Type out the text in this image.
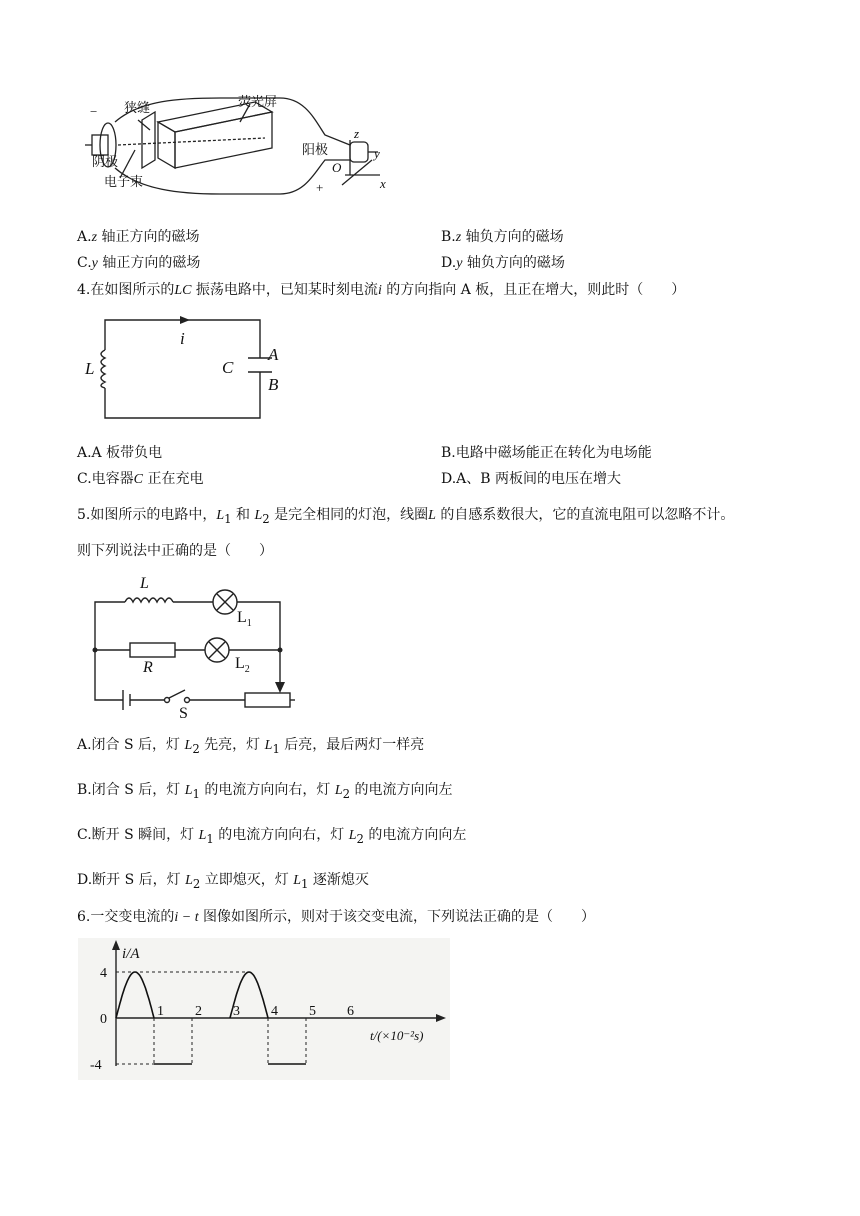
狭缝	荧光屏
阴极
电子束
阳极
−
+
z
y
x
O
A.z 轴正方向的磁场	B.z 轴负方向的磁场
C.y 轴正方向的磁场	D.y 轴负方向的磁场
4.在如图所示的LC 振荡电路中，已知某时刻电流i 的方向指向 A 板，且正在增大，则此时（　　）
i
L	C
A
B
A.A 板带负电	B.电路中磁场能正在转化为电场能
C.电容器C 正在充电	D.A、B 两板间的电压在增大
5.如图所示的电路中，$L_1$ 和 $L_2$ 是完全相同的灯泡，线圈L 的自感系数很大，它的直流电阻可以忽略不计。
则下列说法中正确的是（　　）
L
$L_1$
$L_2$
R
S
A.闭合 S 后，灯 $L_2$ 先亮，灯 $L_1$ 后亮，最后两灯一样亮
B.闭合 S 后，灯 $L_1$ 的电流方向向右，灯 $L_2$ 的电流方向向左
C.断开 S 瞬间，灯 $L_1$ 的电流方向向右，灯 $L_2$ 的电流方向向左
D.断开 S 后，灯 $L_2$ 立即熄灭，灯 $L_1$ 逐渐熄灭
6.一交变电流的i − t 图像如图所示，则对于该交变电流，下列说法正确的是（　　）
i/A
t/(×10⁻²s)
4
0
-4
1 2 3 4 5 6
